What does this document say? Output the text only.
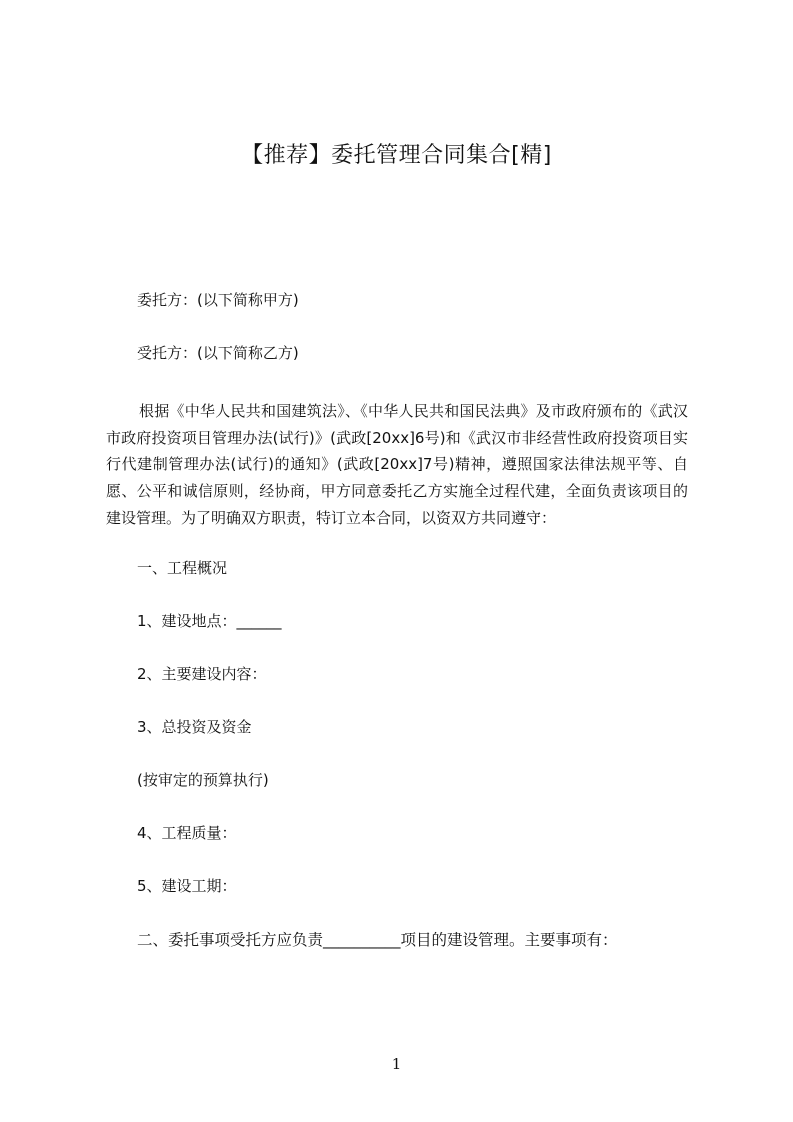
【推荐】委托管理合同集合[精]
委托方：(以下简称甲方)
受托方：(以下简称乙方)

根据《中华人民共和国建筑法》、《中华人民共和国民法典》及市政府颁布的《武汉市政府投资项目管理办法(试行)》(武政[20xx]6号)和《武汉市非经营性政府投资项目实行代建制管理办法(试行)的通知》(武政[20xx]7号)精神，遵照国家法律法规平等、自愿、公平和诚信原则，经协商，甲方同意委托乙方实施全过程代建，全面负责该项目的建设管理。为了明确双方职责，特订立本合同，以资双方共同遵守：

一、工程概况
1、建设地点：______
2、主要建设内容：
3、总投资及资金
(按审定的预算执行)
4、工程质量：
5、建设工期：
二、委托事项受托方应负责__________项目的建设管理。主要事项有：
1
